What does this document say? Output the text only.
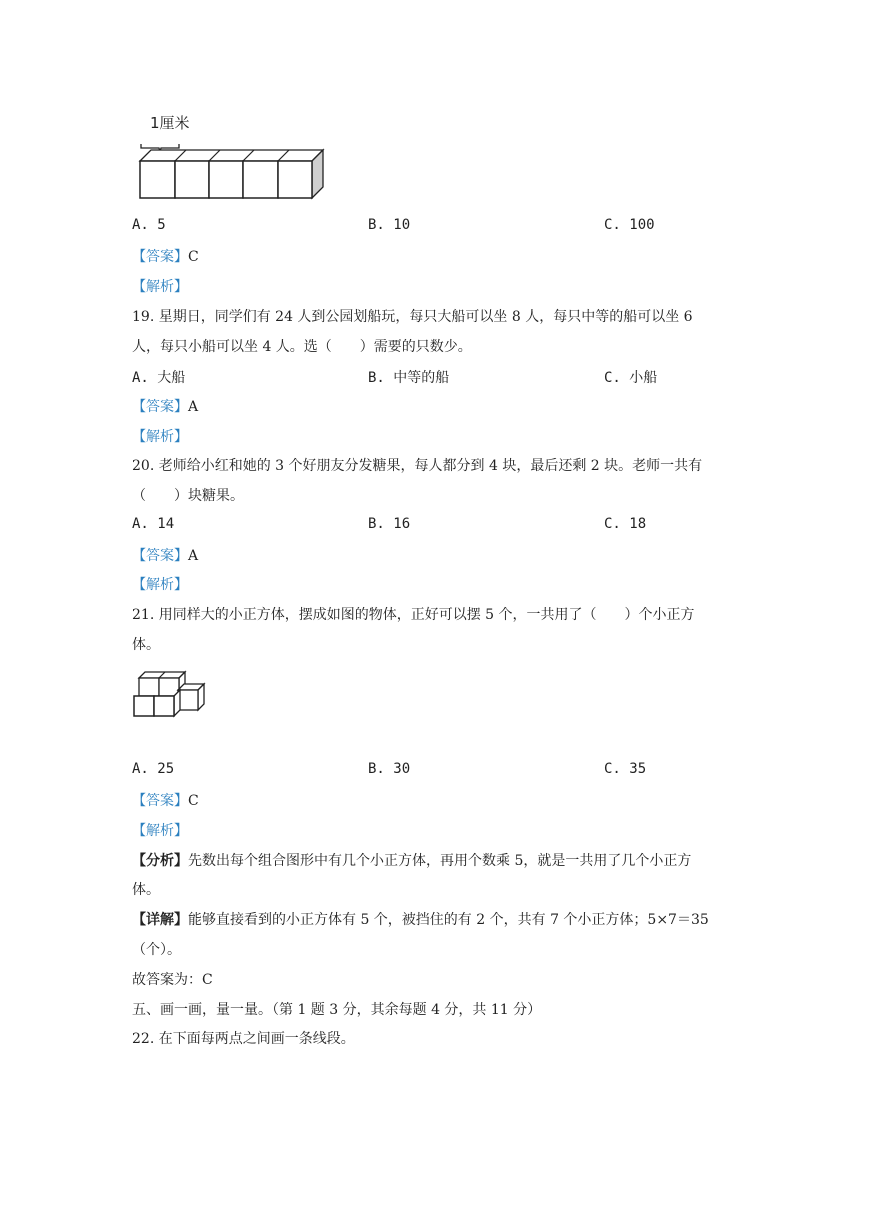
1厘米
A. 5	B. 10	C. 100
【答案】C
【解析】
19. 星期日，同学们有 24 人到公园划船玩，每只大船可以坐 8 人，每只中等的船可以坐 6
人，每只小船可以坐 4 人。选（　　）需要的只数少。
A. 大船	B. 中等的船	C. 小船
【答案】A
【解析】
20. 老师给小红和她的 3 个好朋友分发糖果，每人都分到 4 块，最后还剩 2 块。老师一共有
（　　）块糖果。
A. 14	B. 16	C. 18
【答案】A
【解析】
21. 用同样大的小正方体，摆成如图的物体，正好可以摆 5 个，一共用了（　　）个小正方
体。
A. 25	B. 30	C. 35
【答案】C
【解析】
【分析】先数出每个组合图形中有几个小正方体，再用个数乘 5，就是一共用了几个小正方
体。
【详解】能够直接看到的小正方体有 5 个，被挡住的有 2 个，共有 7 个小正方体；5×7＝35
（个）。
故答案为：C
五、画一画，量一量。（第 1 题 3 分，其余每题 4 分，共 11 分）
22. 在下面每两点之间画一条线段。
